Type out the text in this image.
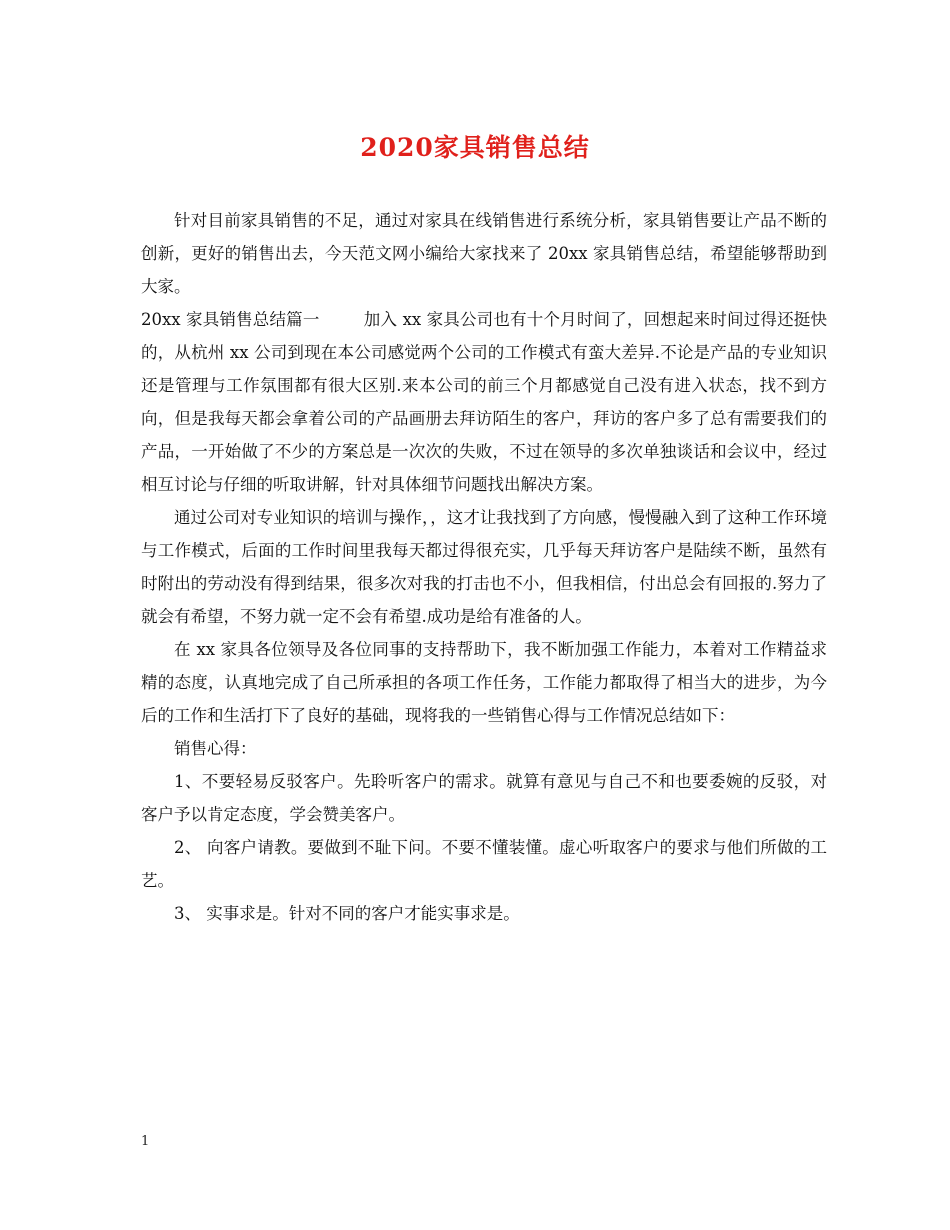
2020家具销售总结

针对目前家具销售的不足，通过对家具在线销售进行系统分析，家具销售要让产品不断的创新，更好的销售出去，今天范文网小编给大家找来了 20xx 家具销售总结，希望能够帮助到大家。

20xx 家具销售总结篇一	加入 xx 家具公司也有十个月时间了，回想起来时间过得还挺快的，从杭州 xx 公司到现在本公司感觉两个公司的工作模式有蛮大差异.不论是产品的专业知识还是管理与工作氛围都有很大区别.来本公司的前三个月都感觉自己没有进入状态，找不到方向，但是我每天都会拿着公司的产品画册去拜访陌生的客户，拜访的客户多了总有需要我们的产品，一开始做了不少的方案总是一次次的失败，不过在领导的多次单独谈话和会议中，经过相互讨论与仔细的听取讲解，针对具体细节问题找出解决方案。

通过公司对专业知识的培训与操作，，这才让我找到了方向感，慢慢融入到了这种工作环境与工作模式，后面的工作时间里我每天都过得很充实，几乎每天拜访客户是陆续不断，虽然有时附出的劳动没有得到结果，很多次对我的打击也不小，但我相信，付出总会有回报的.努力了就会有希望，不努力就一定不会有希望.成功是给有准备的人。

在 xx 家具各位领导及各位同事的支持帮助下，我不断加强工作能力，本着对工作精益求精的态度，认真地完成了自己所承担的各项工作任务，工作能力都取得了相当大的进步，为今后的工作和生活打下了良好的基础，现将我的一些销售心得与工作情况总结如下：

销售心得：

1、不要轻易反驳客户。先聆听客户的需求。就算有意见与自己不和也要委婉的反驳，对客户予以肯定态度，学会赞美客户。

2、 向客户请教。要做到不耻下问。不要不懂装懂。虚心听取客户的要求与他们所做的工艺。

3、 实事求是。针对不同的客户才能实事求是。

1
